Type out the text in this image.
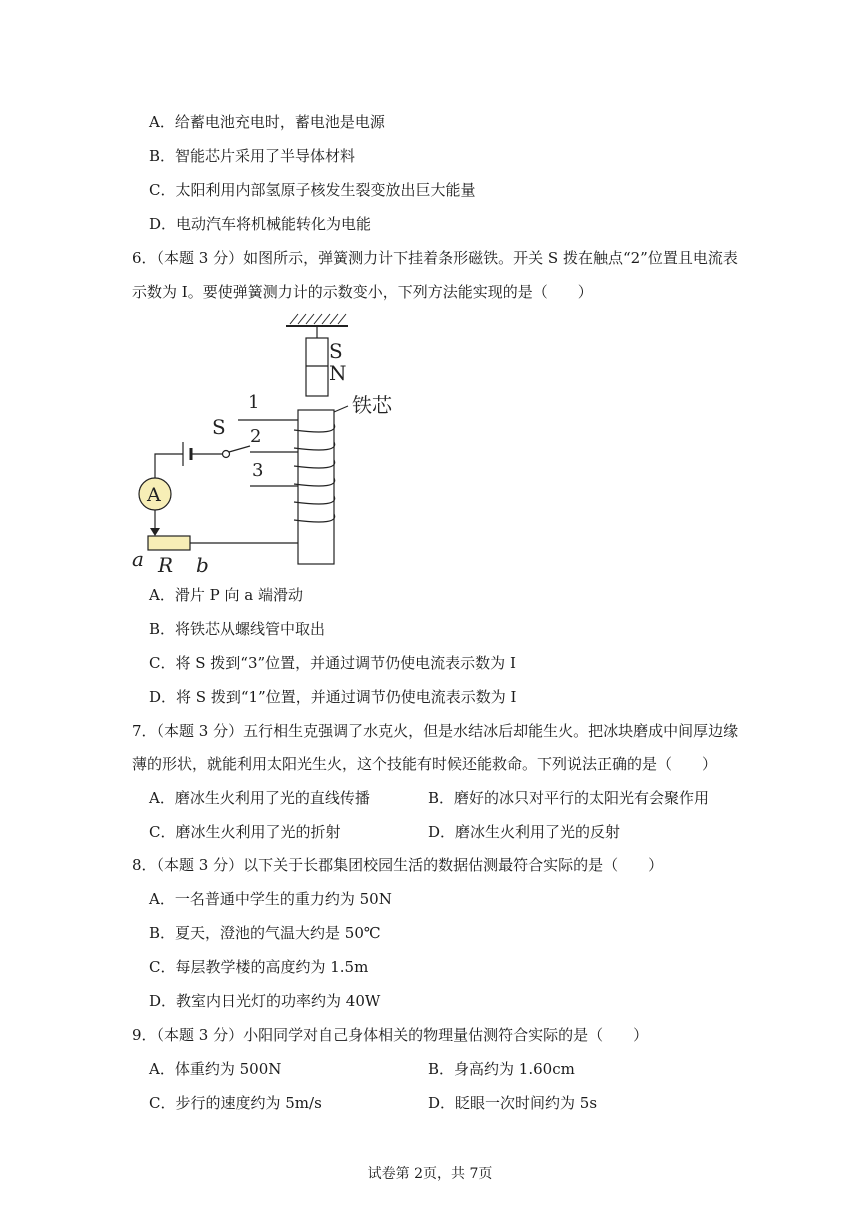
A．给蓄电池充电时，蓄电池是电源
B．智能芯片采用了半导体材料
C．太阳利用内部氢原子核发生裂变放出巨大能量
D．电动汽车将机械能转化为电能
6．（本题 3 分）如图所示，弹簧测力计下挂着条形磁铁。开关 S 拨在触点“2”位置且电流表
示数为 I。要使弹簧测力计的示数变小，下列方法能实现的是（　　）
S
N
铁芯
1
2
3
S
A
a R b
A．滑片 P 向 a 端滑动
B．将铁芯从螺线管中取出
C．将 S 拨到“3”位置，并通过调节仍使电流表示数为 I
D．将 S 拨到“1”位置，并通过调节仍使电流表示数为 I
7．（本题 3 分）五行相生克强调了水克火，但是水结冰后却能生火。把冰块磨成中间厚边缘
薄的形状，就能利用太阳光生火，这个技能有时候还能救命。下列说法正确的是（　　）
A．磨冰生火利用了光的直线传播	B．磨好的冰只对平行的太阳光有会聚作用
C．磨冰生火利用了光的折射	D．磨冰生火利用了光的反射
8．（本题 3 分）以下关于长郡集团校园生活的数据估测最符合实际的是（　　）
A．一名普通中学生的重力约为 50N
B．夏天，澄池的气温大约是 50℃
C．每层教学楼的高度约为 1.5m
D．教室内日光灯的功率约为 40W
9．（本题 3 分）小阳同学对自己身体相关的物理量估测符合实际的是（　　）
A．体重约为 500N	B．身高约为 1.60cm
C．步行的速度约为 5m/s	D．眨眼一次时间约为 5s
试卷第 2页，共 7页
